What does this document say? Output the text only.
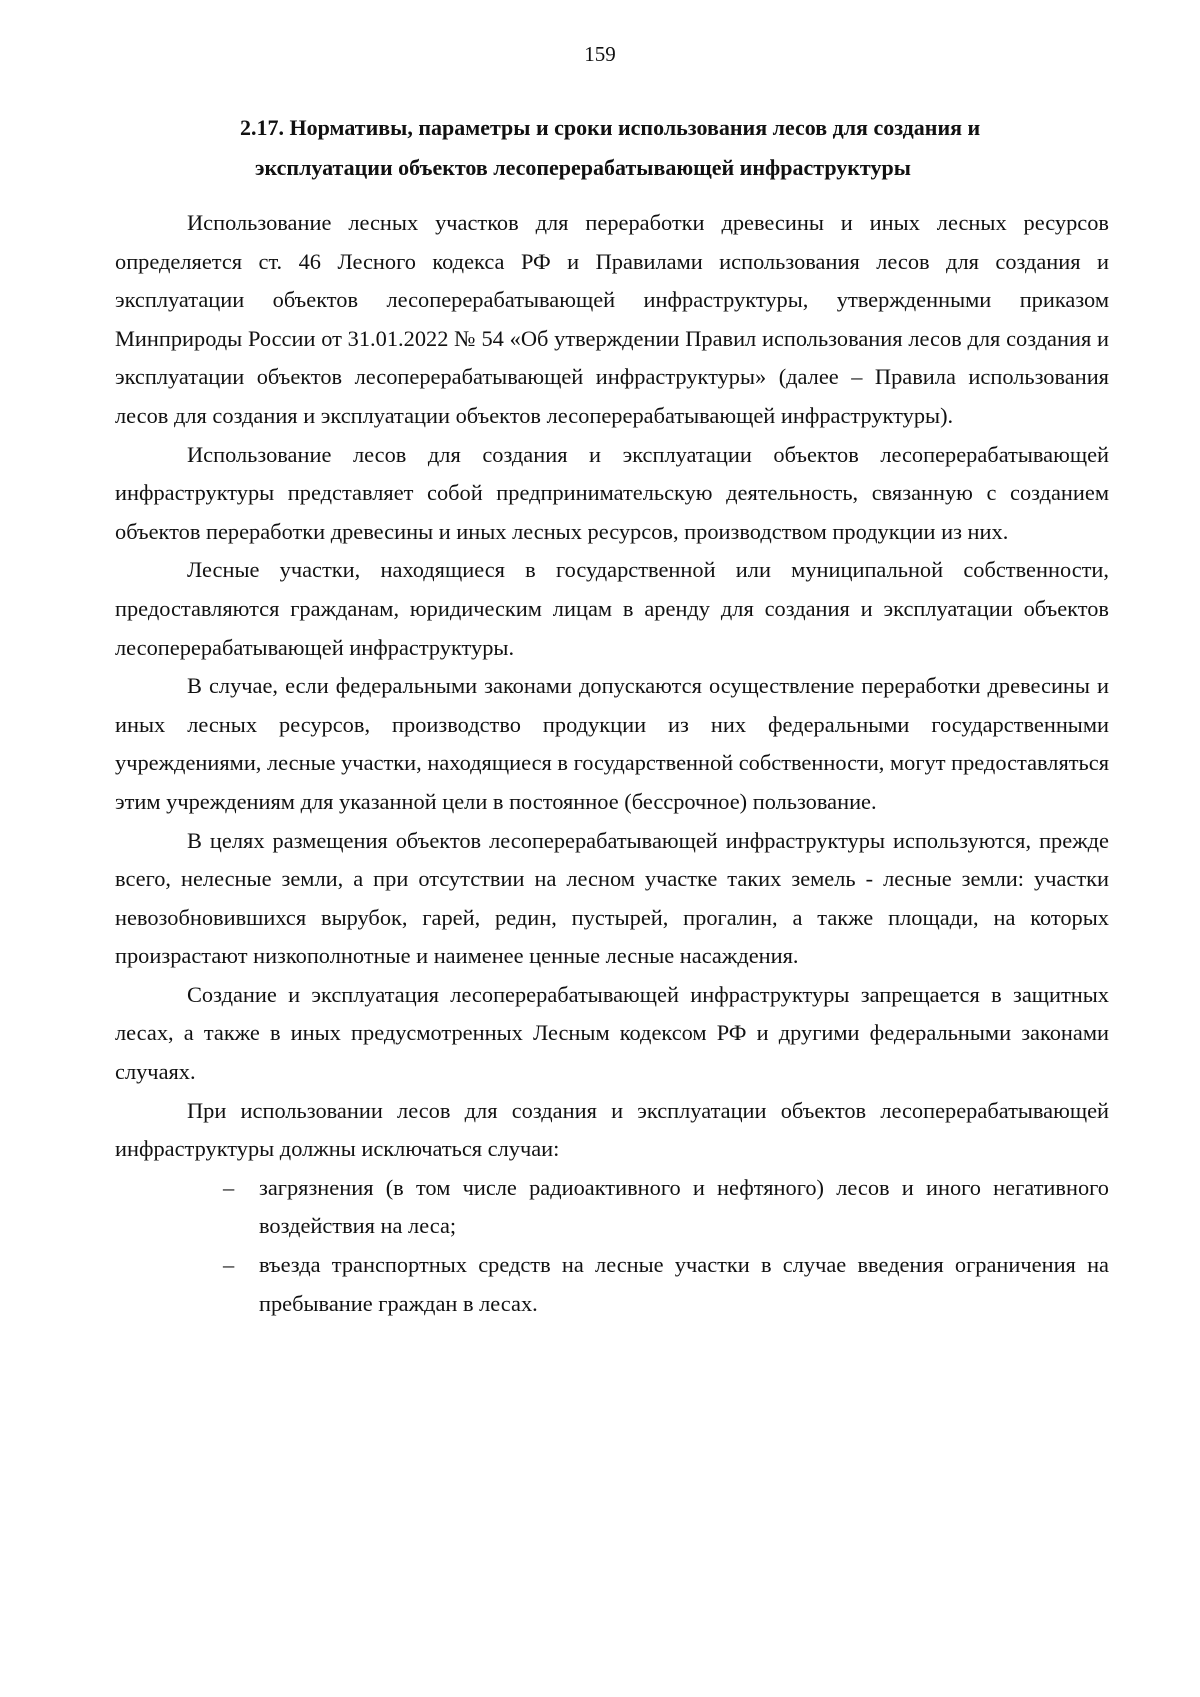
159
2.17. Нормативы, параметры и сроки использования лесов для создания и
эксплуатации объектов лесоперерабатывающей инфраструктуры

Использование лесных участков для переработки древесины и иных лесных ресурсов определяется ст. 46 Лесного кодекса РФ и Правилами использования лесов для создания и эксплуатации объектов лесоперерабатывающей инфраструктуры, утвержденными приказом Минприроды России от 31.01.2022 № 54 «Об утверждении Правил использования лесов для создания и эксплуатации объектов лесоперерабатывающей инфраструктуры» (далее – Правила использования лесов для создания и эксплуатации объектов лесоперерабатывающей инфраструктуры).

Использование лесов для создания и эксплуатации объектов лесоперерабатывающей инфраструктуры представляет собой предпринимательскую деятельность, связанную с созданием объектов переработки древесины и иных лесных ресурсов, производством продукции из них.

Лесные участки, находящиеся в государственной или муниципальной собственности, предоставляются гражданам, юридическим лицам в аренду для создания и эксплуатации объектов лесоперерабатывающей инфраструктуры.

В случае, если федеральными законами допускаются осуществление переработки древесины и иных лесных ресурсов, производство продукции из них федеральными государственными учреждениями, лесные участки, находящиеся в государственной собственности, могут предоставляться этим учреждениям для указанной цели в постоянное (бессрочное) пользование.

В целях размещения объектов лесоперерабатывающей инфраструктуры используются, прежде всего, нелесные земли, а при отсутствии на лесном участке таких земель - лесные земли: участки невозобновившихся вырубок, гарей, редин, пустырей, прогалин, а также площади, на которых произрастают низкополнотные и наименее ценные лесные насаждения.

Создание и эксплуатация лесоперерабатывающей инфраструктуры запрещается в защитных лесах, а также в иных предусмотренных Лесным кодексом РФ и другими федеральными законами случаях.

При использовании лесов для создания и эксплуатации объектов лесоперерабатывающей инфраструктуры должны исключаться случаи:

– загрязнения (в том числе радиоактивного и нефтяного) лесов и иного негативного воздействия на леса;
– въезда транспортных средств на лесные участки в случае введения ограничения на пребывание граждан в лесах.
